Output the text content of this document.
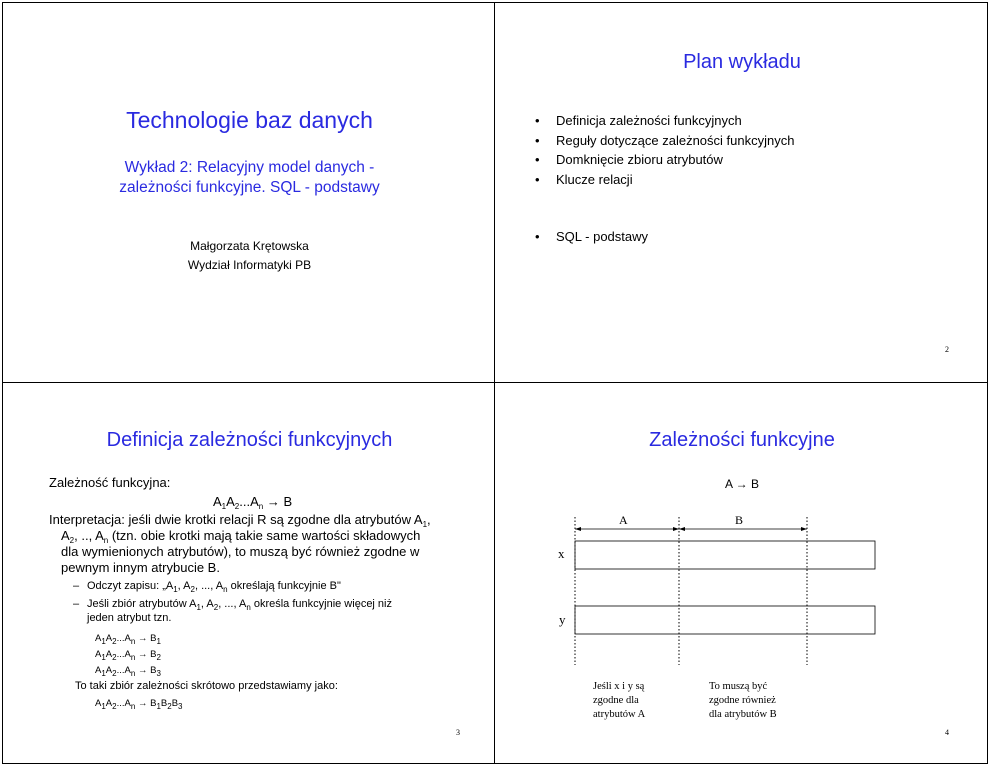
Technologie baz danych
Wykład 2: Relacyjny model danych -
zależności funkcyjne. SQL - podstawy
Małgorzata Krętowska
Wydział Informatyki PB
Plan wykładu
• Definicja zależności funkcyjnych
• Reguły dotyczące zależności funkcyjnych
• Domknięcie zbioru atrybutów
• Klucze relacji
• SQL - podstawy
2
Definicja zależności funkcyjnych
Zależność funkcyjna:
$A_1A_2...A_n \to B$
Interpretacja: jeśli dwie krotki relacji R są zgodne dla atrybutów $A_1$,
$A_2$, .., $A_n$ (tzn. obie krotki mają takie same wartości składowych
dla wymienionych atrybutów), to muszą być również zgodne w
pewnym innym atrybucie B.
– Odczyt zapisu: $„A_1$, $A_2$, ..., $A_n$ określają funkcyjnie B"
– Jeśli zbiór atrybutów $A_1$, $A_2$, ..., $A_n$ określa funkcyjnie więcej niż
jeden atrybut tzn.
$A_1A_2...A_n \to B_1$
$A_1A_2...A_n \to B_2$
$A_1A_2...A_n \to B_3$
To taki zbiór zależności skrótowo przedstawiamy jako:
$A_1A_2...A_n \to B_1B_2B_3$
3
Zależności funkcyjne
A → B
A	B
x
y
Jeśli x i y są
zgodne dla
atrybutów A
To muszą być
zgodne również
dla atrybutów B
4
